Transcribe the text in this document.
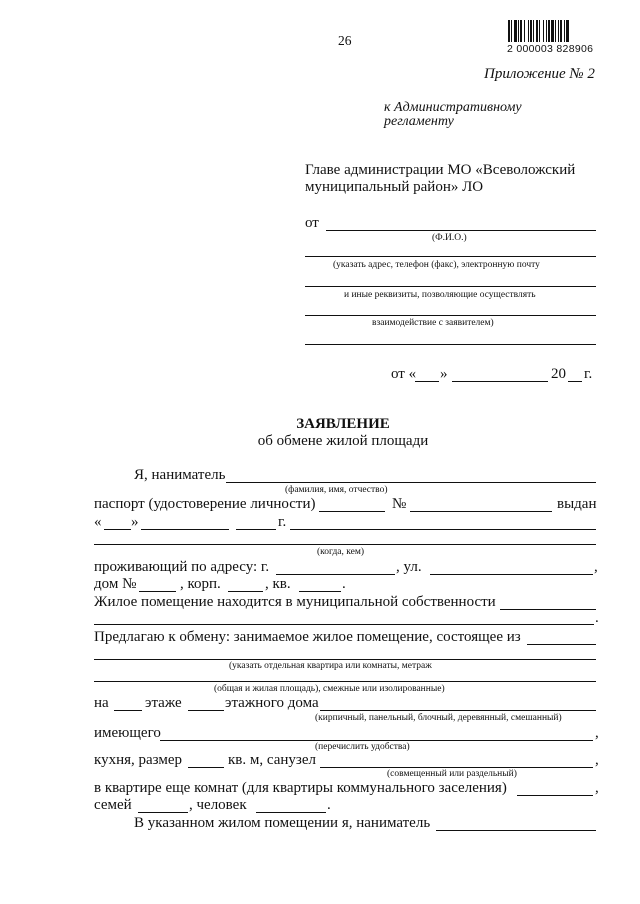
26
2 000003 828906
Приложение № 2
к Административному
регламенту
Главе администрации МО «Всеволожский
муниципальный район» ЛО
от
(Ф.И.О.)
(указать адрес, телефон (факс), электронную почту
и иные реквизиты, позволяющие осуществлять
взаимодействие с заявителем)
от « »	20 г.
ЗАЯВЛЕНИЕ
об обмене жилой площади
Я, наниматель
(фамилия, имя, отчество)
паспорт (удостоверение личности)	№	выдан
« »	г.
(когда, кем)
проживающий по адресу: г.	, ул.	,
дом №	, корп.	, кв.	.
Жилое помещение находится в муниципальной собственности
.
Предлагаю к обмену: занимаемое жилое помещение, состоящее из
(указать отдельная квартира или комнаты, метраж
(общая и жилая площадь), смежные или изолированные)
на этаже	этажного дома
(кирпичный, панельный, блочный, деревянный, смешанный)
имеющего	,
(перечислить удобства)
кухня, размер	кв. м, санузел	,
(совмещенный или раздельный)
в квартире еще комнат (для квартиры коммунального заселения)	,
семей	, человек	.
В указанном жилом помещении я, наниматель
